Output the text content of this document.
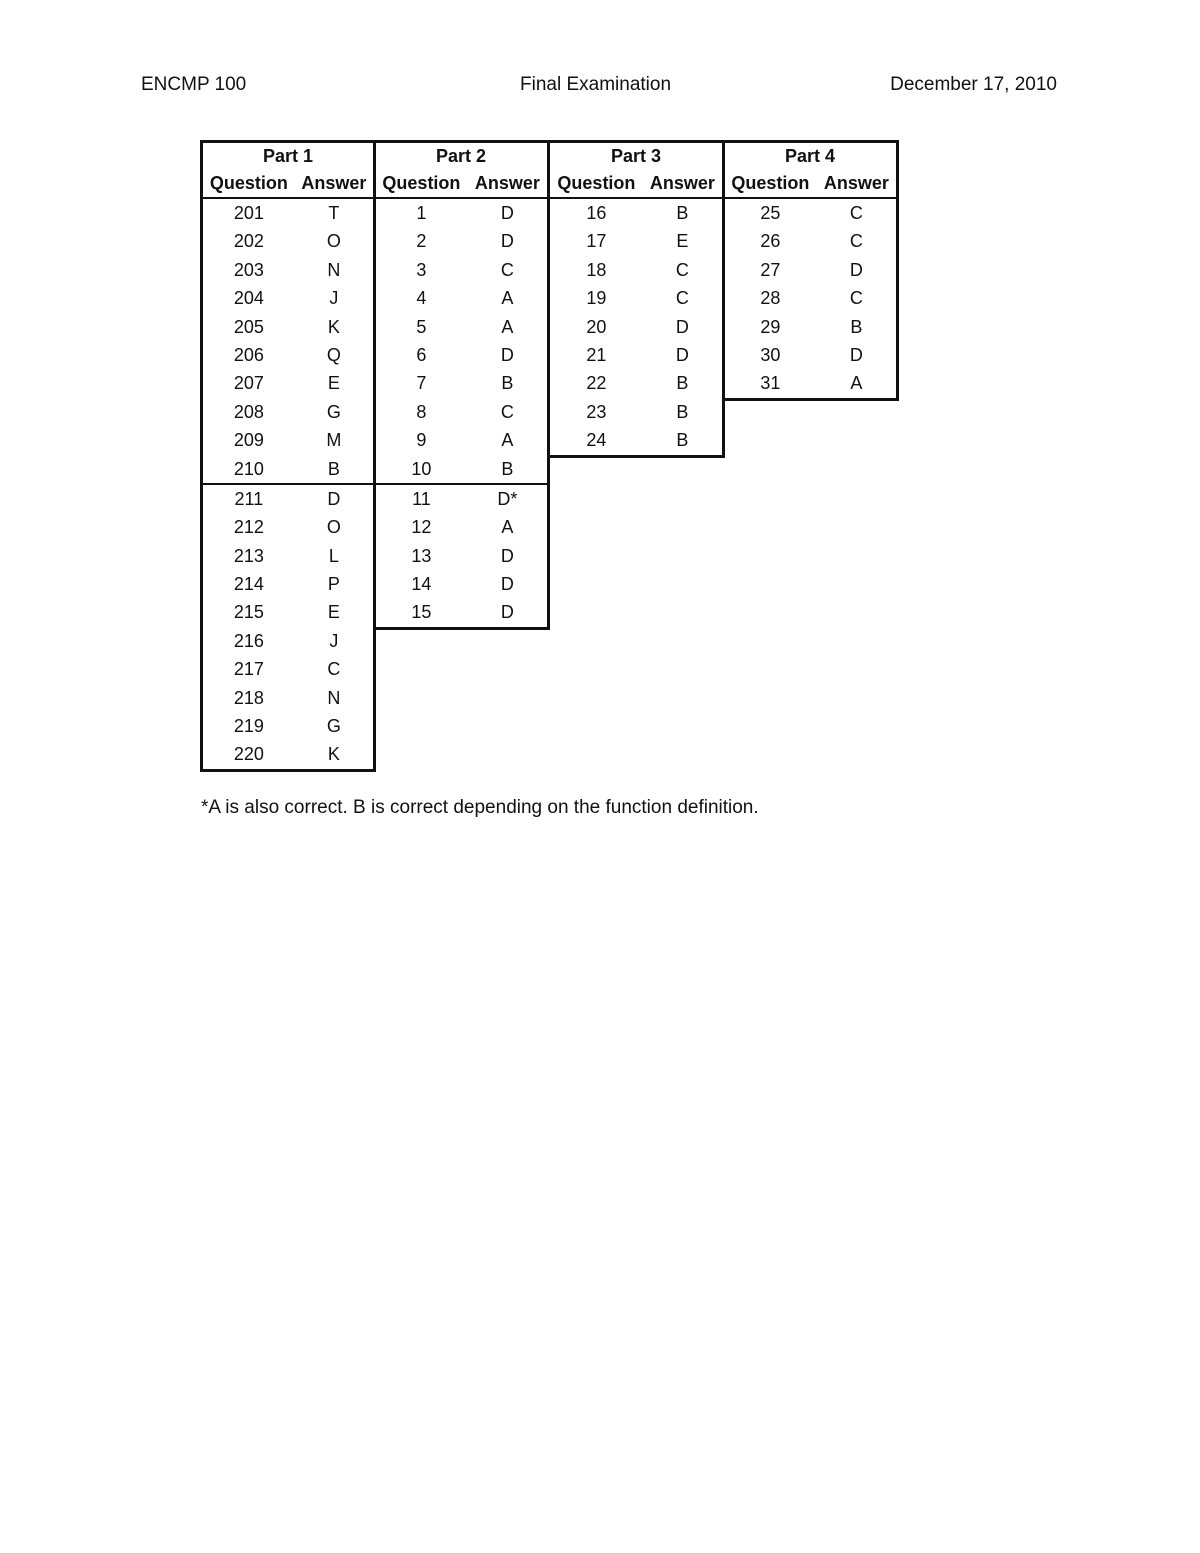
ENCMP 100	Final Examination	December 17, 2010
Part 1
Question Answer
201	T
202	O
203	N
204	J
205	K
206	Q
207	E
208	G
209	M
210	B
211	D
212	O
213	L
214	P
215	E
216	J
217	C
218	N
219	G
220	K
Part 2
Question Answer
1	D
2	D
3	C
4	A
5	A
6	D
7	B
8	C
9	A
10	B
11	D*
12	A
13	D
14	D
15	D
Part 3
Question Answer
16	B
17	E
18	C
19	C
20	D
21	D
22	B
23	B
24	B
Part 4
Question Answer
25	C
26	C
27	D
28	C
29	B
30	D
31	A
*A is also correct. B is correct depending on the function definition.
